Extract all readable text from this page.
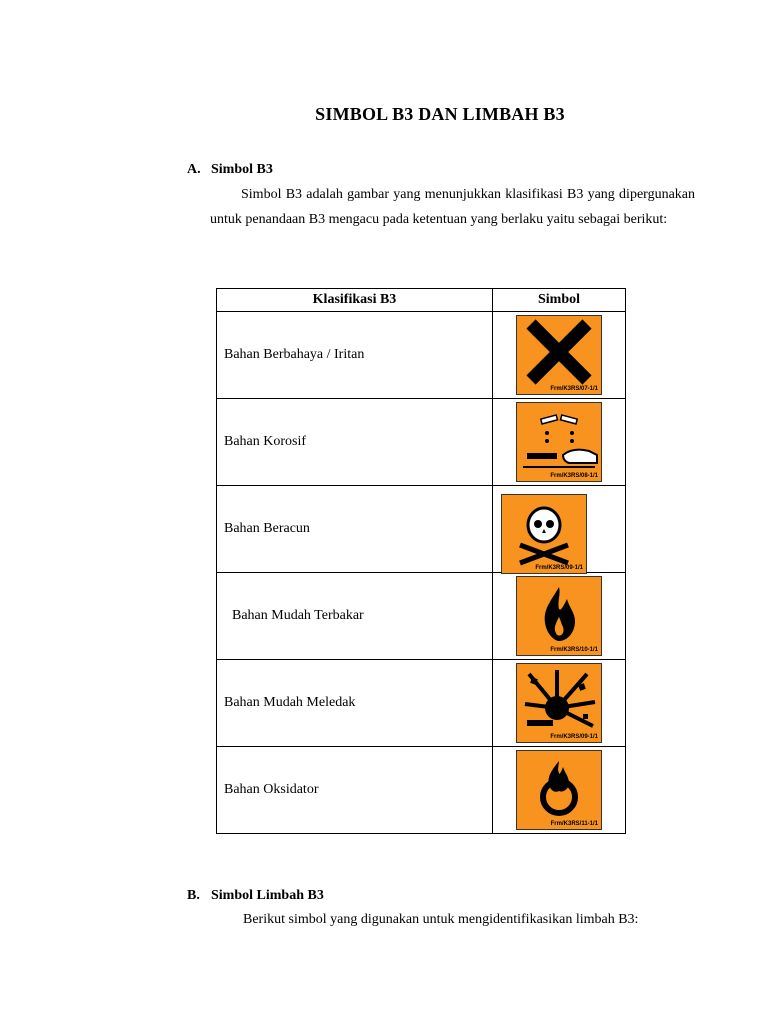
SIMBOL B3 DAN LIMBAH B3
A. Simbol B3
Simbol B3 adalah gambar yang menunjukkan klasifikasi B3 yang dipergunakan untuk penandaan B3 mengacu pada ketentuan yang berlaku yaitu sebagai berikut:
Klasifikasi B3	Simbol
Bahan Berbahaya / Iritan	Frm/K3RS/07-1/1

Bahan Korosif	Frm/K3RS/08-1/1

Bahan Beracun	Frm/K3RS/09-1/1

Bahan Mudah Terbakar	Frm/K3RS/10-1/1

Bahan Mudah Meledak	Frm/K3RS/09-1/1

Bahan Oksidator	Frm/K3RS/11-1/1
B. Simbol Limbah B3
Berikut simbol yang digunakan untuk mengidentifikasikan limbah B3:
